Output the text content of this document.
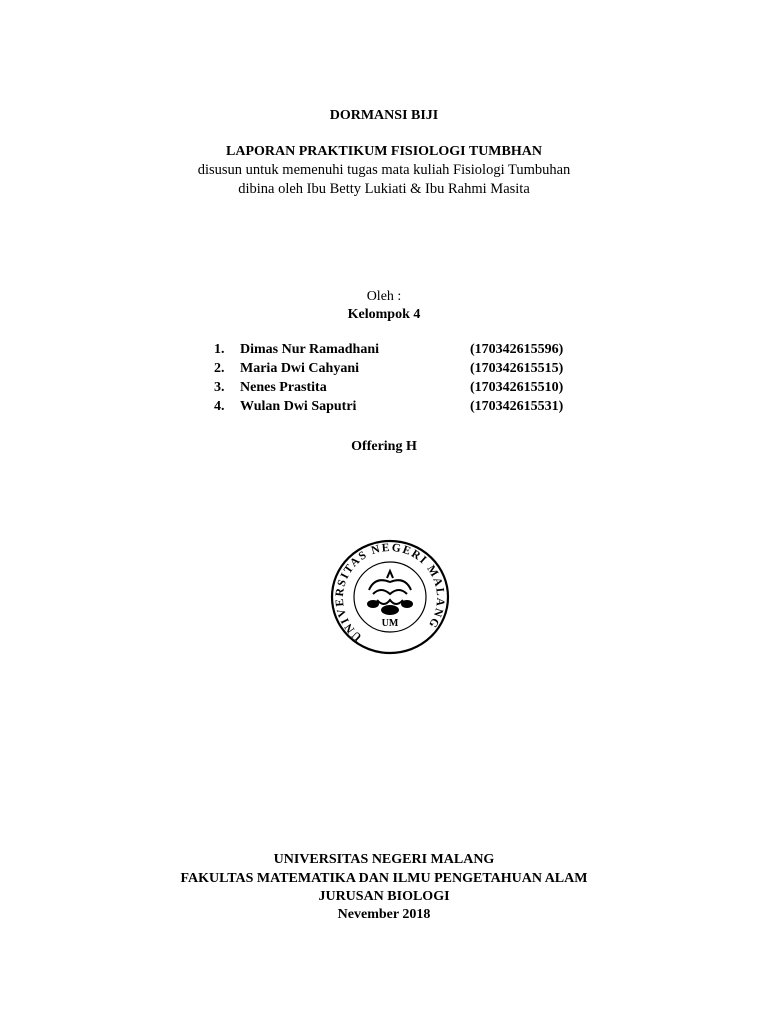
DORMANSI BIJI
LAPORAN PRAKTIKUM FISIOLOGI TUMBHAN
disusun untuk memenuhi tugas mata kuliah Fisiologi Tumbuhan
dibina oleh Ibu Betty Lukiati & Ibu Rahmi Masita
Oleh :
Kelompok 4
1. Dimas Nur Ramadhani	(170342615596)
2. Maria Dwi Cahyani	(170342615515)
3. Nenes Prastita	(170342615510)
4. Wulan Dwi Saputri	(170342615531)
Offering H
UNIVERSITAS NEGERI MALANG
UM
UNIVERSITAS NEGERI MALANG
FAKULTAS MATEMATIKA DAN ILMU PENGETAHUAN ALAM
JURUSAN BIOLOGI
Nevember 2018
